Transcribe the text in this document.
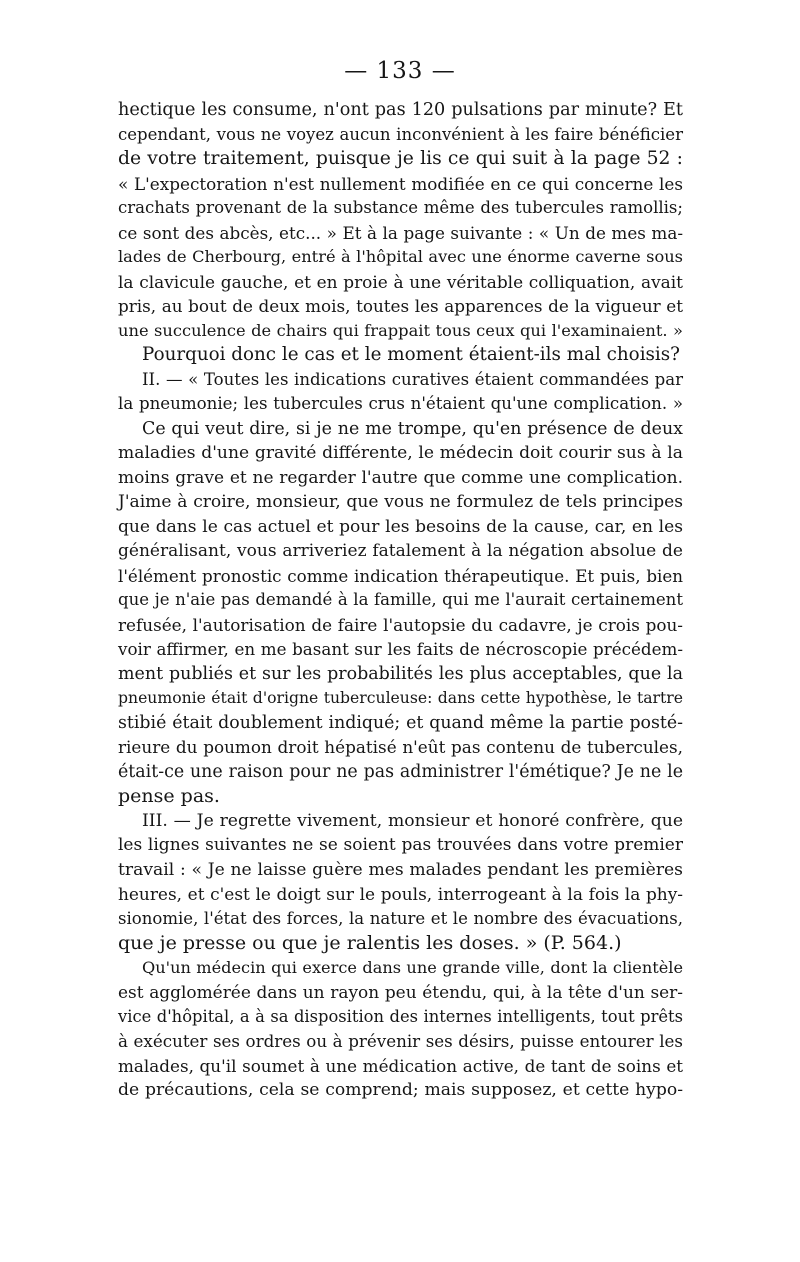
— 133 —
hectique les consume, n'ont pas 120 pulsations par minute? Et
cependant, vous ne voyez aucun inconvénient à les faire bénéficier
de votre traitement, puisque je lis ce qui suit à la page 52 :
« L'expectoration n'est nullement modifiée en ce qui concerne les
crachats provenant de la substance même des tubercules ramollis;
ce sont des abcès, etc... » Et à la page suivante : « Un de mes ma-
lades de Cherbourg, entré à l'hôpital avec une énorme caverne sous
la clavicule gauche, et en proie à une véritable colliquation, avait
pris, au bout de deux mois, toutes les apparences de la vigueur et
une succulence de chairs qui frappait tous ceux qui l'examinaient. »
Pourquoi donc le cas et le moment étaient-ils mal choisis?
II. — « Toutes les indications curatives étaient commandées par
la pneumonie; les tubercules crus n'étaient qu'une complication. »
Ce qui veut dire, si je ne me trompe, qu'en présence de deux
maladies d'une gravité différente, le médecin doit courir sus à la
moins grave et ne regarder l'autre que comme une complication.
J'aime à croire, monsieur, que vous ne formulez de tels principes
que dans le cas actuel et pour les besoins de la cause, car, en les
généralisant, vous arriveriez fatalement à la négation absolue de
l'élément pronostic comme indication thérapeutique. Et puis, bien
que je n'aie pas demandé à la famille, qui me l'aurait certainement
refusée, l'autorisation de faire l'autopsie du cadavre, je crois pou-
voir affirmer, en me basant sur les faits de nécroscopie précédem-
ment publiés et sur les probabilités les plus acceptables, que la
pneumonie était d'origne tuberculeuse: dans cette hypothèse, le tartre
stibié était doublement indiqué; et quand même la partie posté-
rieure du poumon droit hépatisé n'eût pas contenu de tubercules,
était-ce une raison pour ne pas administrer l'émétique? Je ne le
pense pas.
III. — Je regrette vivement, monsieur et honoré confrère, que
les lignes suivantes ne se soient pas trouvées dans votre premier
travail : « Je ne laisse guère mes malades pendant les premières
heures, et c'est le doigt sur le pouls, interrogeant à la fois la phy-
sionomie, l'état des forces, la nature et le nombre des évacuations,
que je presse ou que je ralentis les doses. » (P. 564.)
Qu'un médecin qui exerce dans une grande ville, dont la clientèle
est agglomérée dans un rayon peu étendu, qui, à la tête d'un ser-
vice d'hôpital, a à sa disposition des internes intelligents, tout prêts
à exécuter ses ordres ou à prévenir ses désirs, puisse entourer les
malades, qu'il soumet à une médication active, de tant de soins et
de précautions, cela se comprend; mais supposez, et cette hypo-
